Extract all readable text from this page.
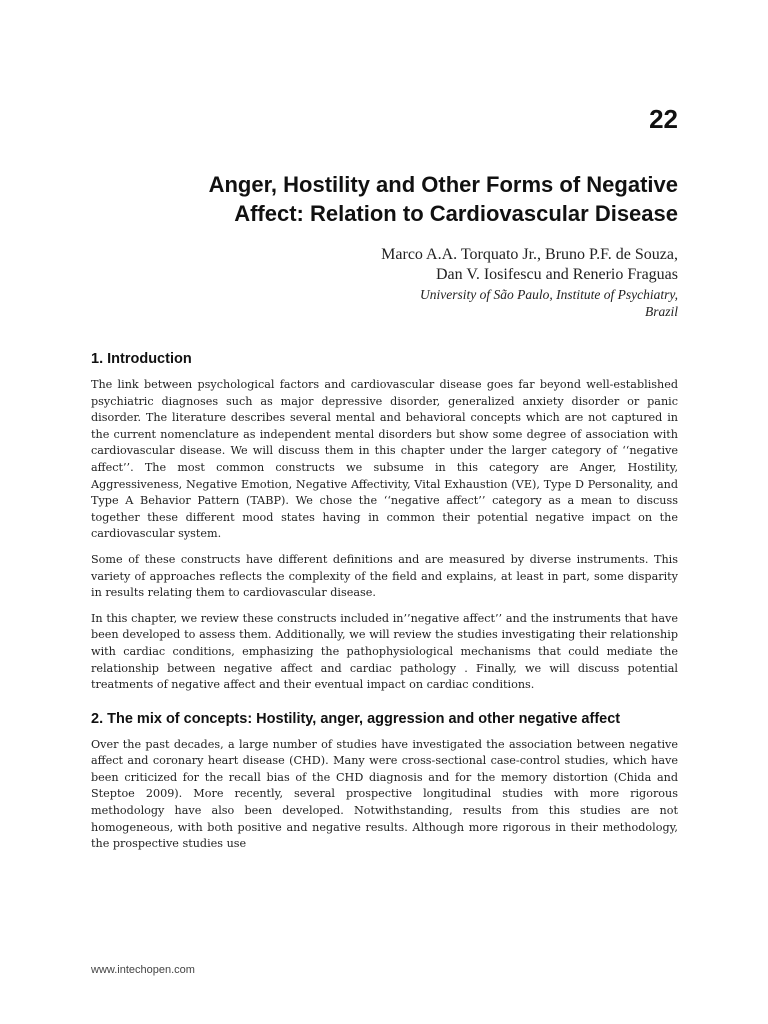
22
Anger, Hostility and Other Forms of Negative
Affect: Relation to Cardiovascular Disease
Marco A.A. Torquato Jr., Bruno P.F. de Souza,
Dan V. Iosifescu and Renerio Fraguas
University of São Paulo, Institute of Psychiatry,
Brazil
1. Introduction

The link between psychological factors and cardiovascular disease goes far beyond well-established psychiatric diagnoses such as major depressive disorder, generalized anxiety disorder or panic disorder. The literature describes several mental and behavioral concepts which are not captured in the current nomenclature as independent mental disorders but show some degree of association with cardiovascular disease. We will discuss them in this chapter under the larger category of ‘‘negative affect’’. The most common constructs we subsume in this category are Anger, Hostility, Aggressiveness, Negative Emotion, Negative Affectivity, Vital Exhaustion (VE), Type D Personality, and Type A Behavior Pattern (TABP). We chose the ‘‘negative affect’’ category as a mean to discuss together these different mood states having in common their potential negative impact on the cardiovascular system.

Some of these constructs have different definitions and are measured by diverse instruments. This variety of approaches reflects the complexity of the field and explains, at least in part, some disparity in results relating them to cardiovascular disease.

In this chapter, we review these constructs included in’’negative affect’’ and the instruments that have been developed to assess them. Additionally, we will review the studies investigating their relationship with cardiac conditions, emphasizing the pathophysiological mechanisms that could mediate the relationship between negative affect and cardiac pathology . Finally, we will discuss potential treatments of negative affect and their eventual impact on cardiac conditions.

2. The mix of concepts: Hostility, anger, aggression and other negative affect

Over the past decades, a large number of studies have investigated the association between negative affect and coronary heart disease (CHD). Many were cross-sectional case-control studies, which have been criticized for the recall bias of the CHD diagnosis and for the memory distortion (Chida and Steptoe 2009). More recently, several prospective longitudinal studies with more rigorous methodology have also been developed. Notwithstanding, results from this studies are not homogeneous, with both positive and negative results. Although more rigorous in their methodology, the prospective studies use

www.intechopen.com
